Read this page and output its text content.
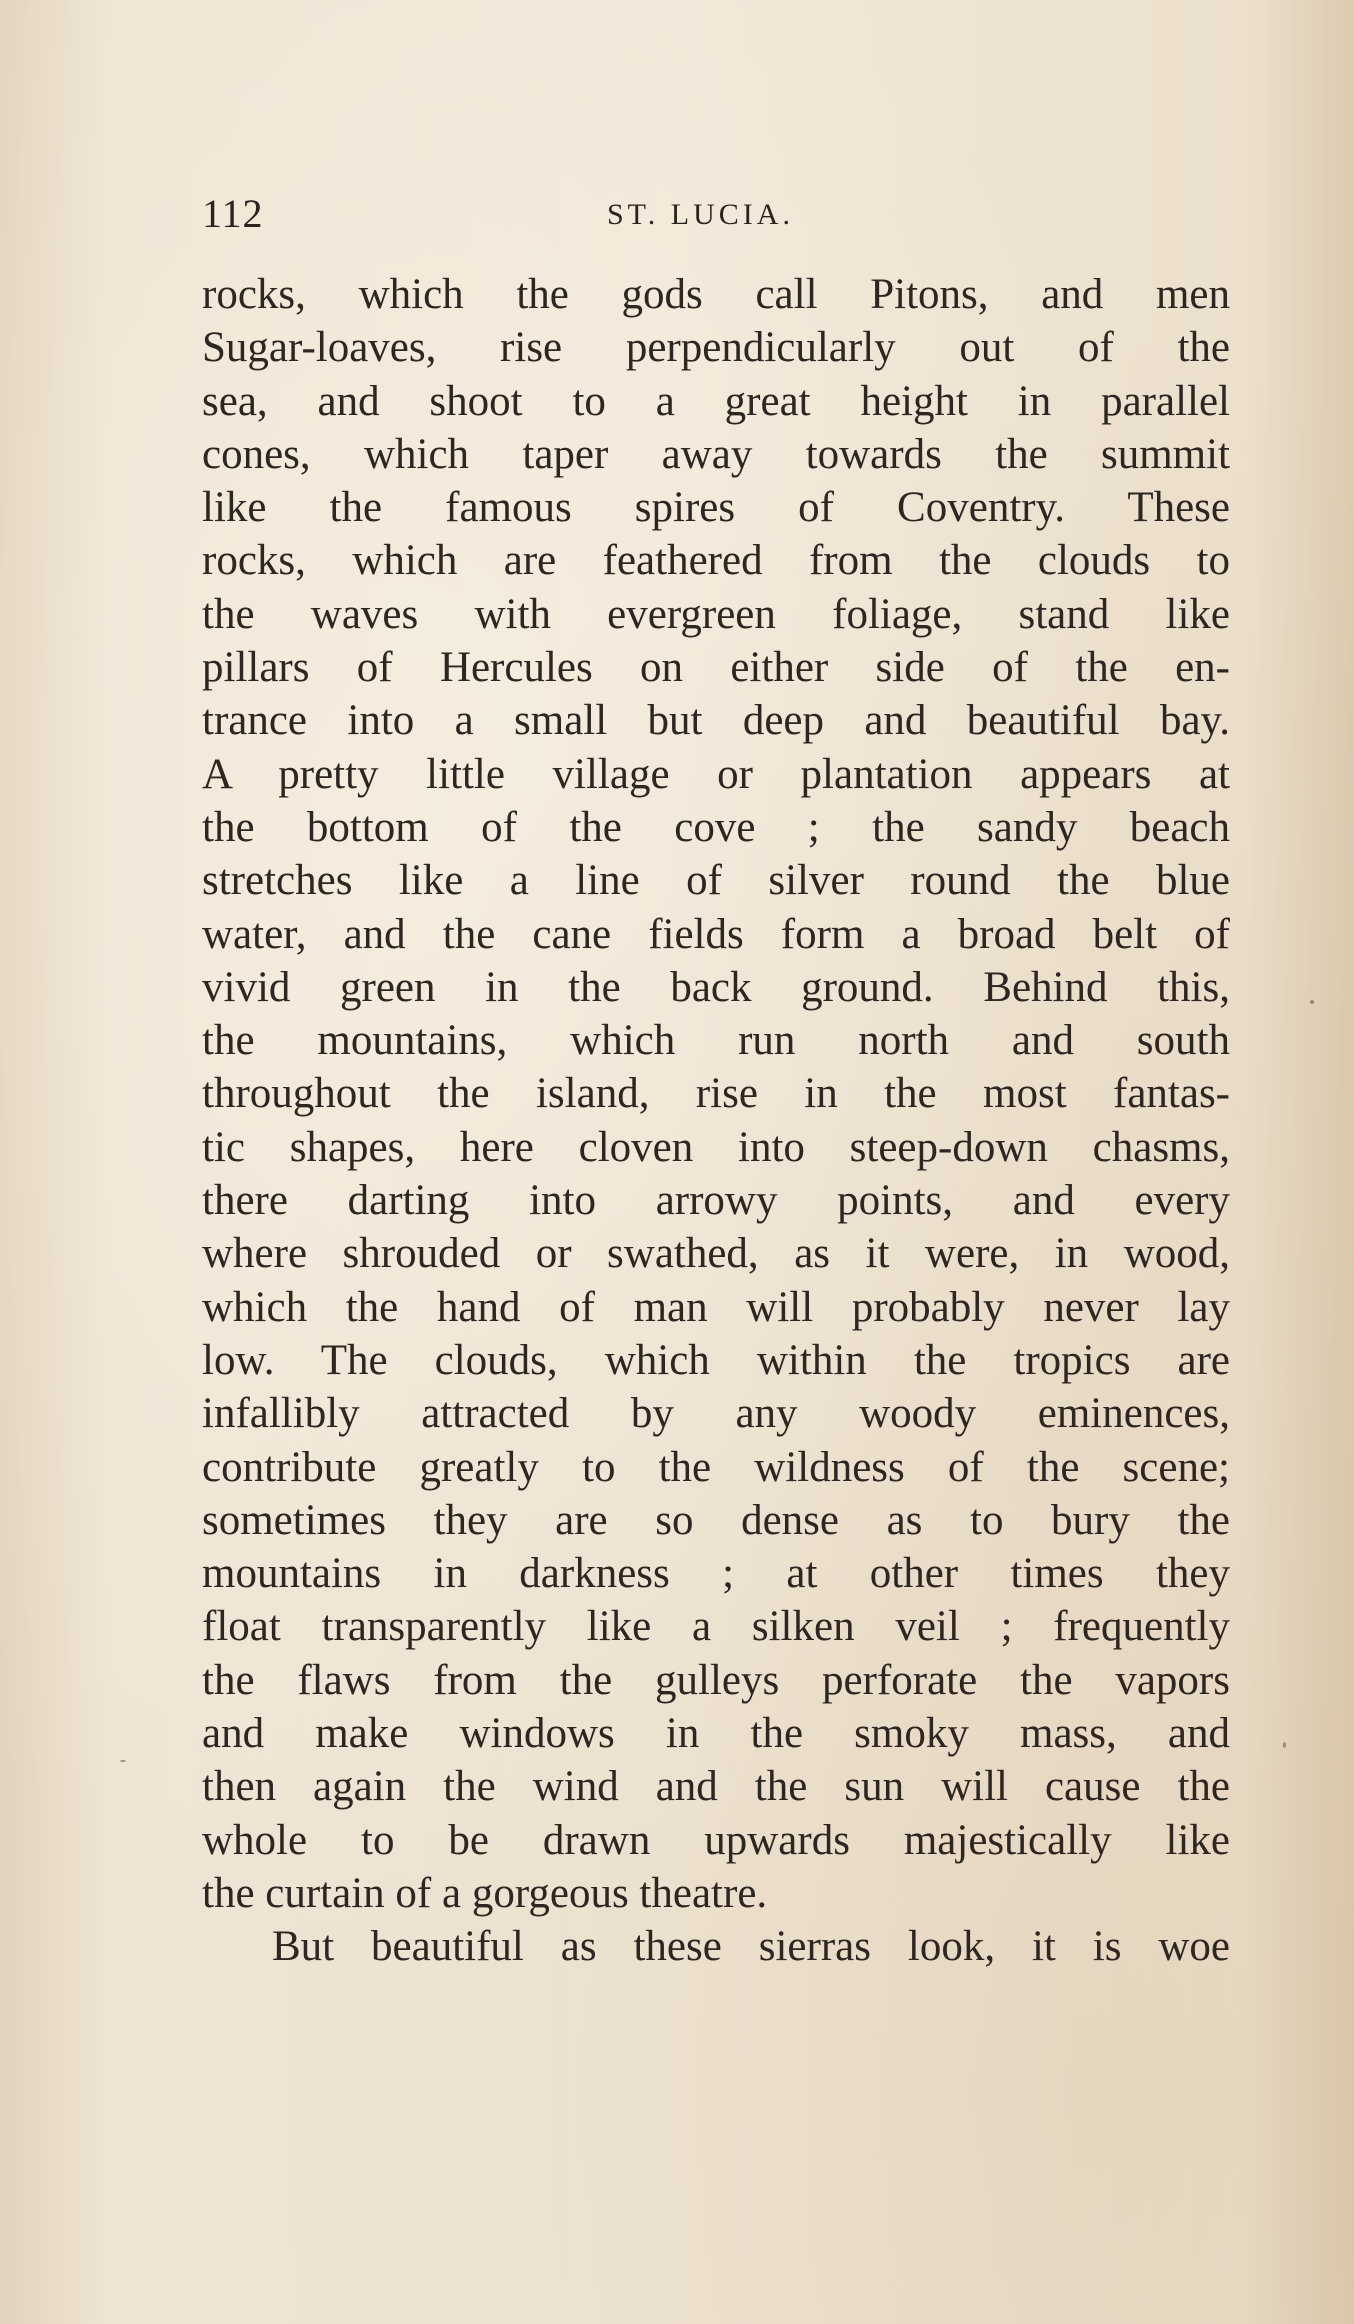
112	ST. LUCIA.
rocks, which the gods call Pitons, and men
Sugar-loaves, rise perpendicularly out of the
sea, and shoot to a great height in parallel
cones, which taper away towards the summit
like the famous spires of Coventry. These
rocks, which are feathered from the clouds to
the waves with evergreen foliage, stand like
pillars of Hercules on either side of the en-
trance into a small but deep and beautiful bay.
A pretty little village or plantation appears at
the bottom of the cove ; the sandy beach
stretches like a line of silver round the blue
water, and the cane fields form a broad belt of
vivid green in the back ground. Behind this,
the mountains, which run north and south
throughout the island, rise in the most fantas-
tic shapes, here cloven into steep-down chasms,
there darting into arrowy points, and every
where shrouded or swathed, as it were, in wood,
which the hand of man will probably never lay
low. The clouds, which within the tropics are
infallibly attracted by any woody eminences,
contribute greatly to the wildness of the scene;
sometimes they are so dense as to bury the
mountains in darkness ; at other times they
float transparently like a silken veil ; frequently
the flaws from the gulleys perforate the vapors
and make windows in the smoky mass, and
then again the wind and the sun will cause the
whole to be drawn upwards majestically like
the curtain of a gorgeous theatre.
But beautiful as these sierras look, it is woe
